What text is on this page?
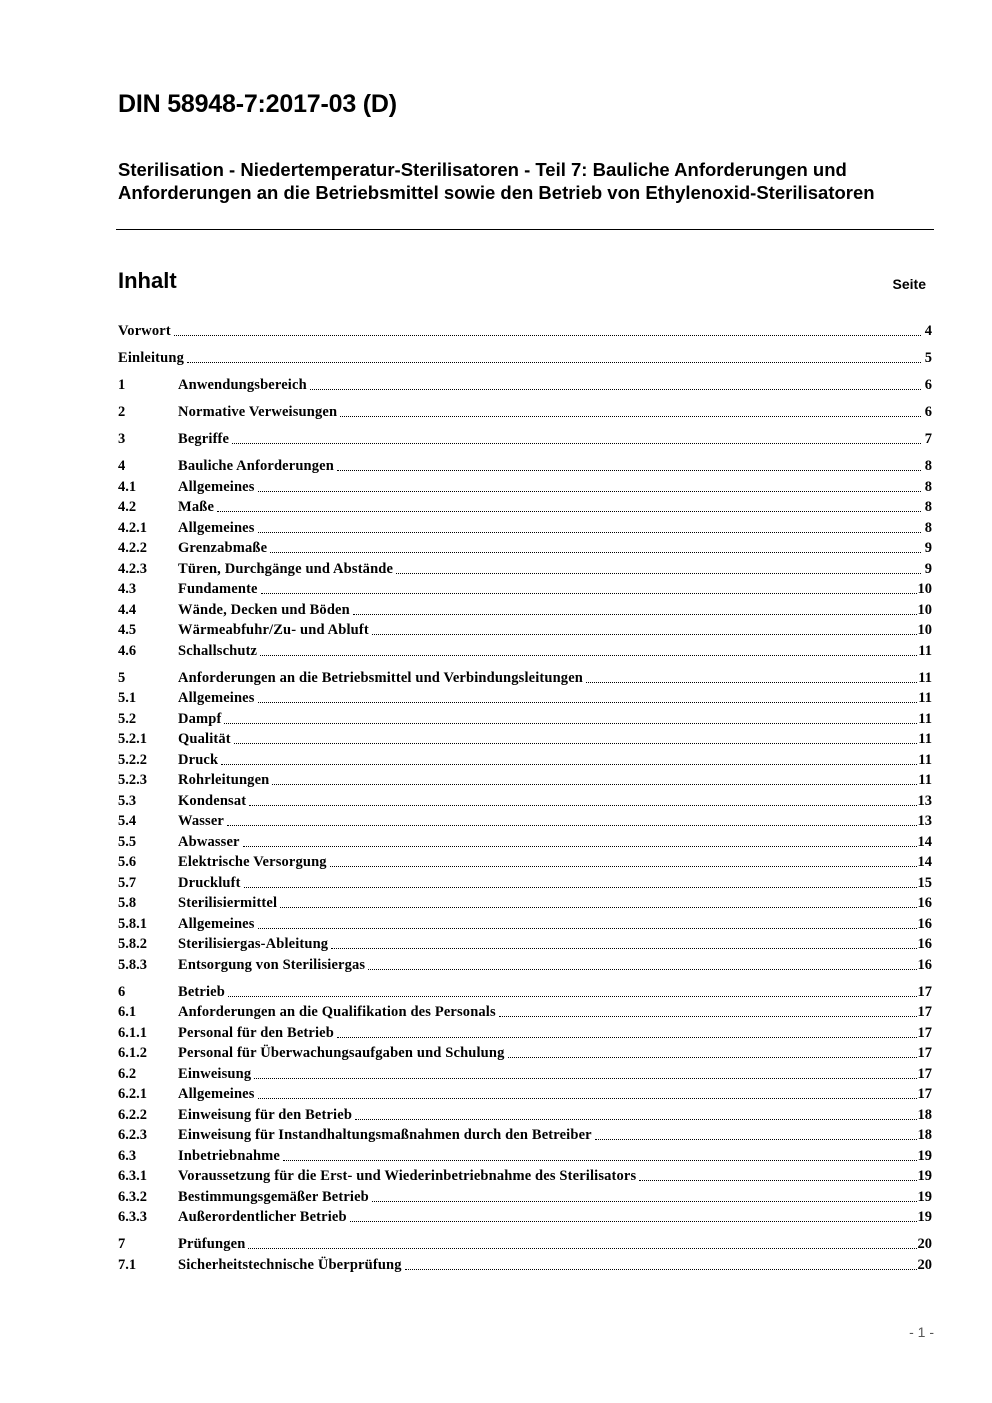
DIN 58948-7:2017-03 (D)

Sterilisation - Niedertemperatur-Sterilisatoren - Teil 7: Bauliche Anforderungen und Anforderungen an die Betriebsmittel sowie den Betrieb von Ethylenoxid-Sterilisatoren

Inhalt	Seite
Vorwort	4
Einleitung	5
1	Anwendungsbereich	6
2	Normative Verweisungen	6
3	Begriffe	7
4	Bauliche Anforderungen	8
4.1	Allgemeines	8
4.2	Maße	8
4.2.1	Allgemeines	8
4.2.2	Grenzabmaße	9
4.2.3	Türen, Durchgänge und Abstände	9
4.3	Fundamente	10
4.4	Wände, Decken und Böden	10
4.5	Wärmeabfuhr/Zu- und Abluft	10
4.6	Schallschutz	11
5	Anforderungen an die Betriebsmittel und Verbindungsleitungen	11
5.1	Allgemeines	11
5.2	Dampf	11
5.2.1	Qualität	11
5.2.2	Druck	11
5.2.3	Rohrleitungen	11
5.3	Kondensat	13
5.4	Wasser	13
5.5	Abwasser	14
5.6	Elektrische Versorgung	14
5.7	Druckluft	15
5.8	Sterilisiermittel	16
5.8.1	Allgemeines	16
5.8.2	Sterilisiergas-Ableitung	16
5.8.3	Entsorgung von Sterilisiergas	16
6	Betrieb	17
6.1	Anforderungen an die Qualifikation des Personals	17
6.1.1	Personal für den Betrieb	17
6.1.2	Personal für Überwachungsaufgaben und Schulung	17
6.2	Einweisung	17
6.2.1	Allgemeines	17
6.2.2	Einweisung für den Betrieb	18
6.2.3	Einweisung für Instandhaltungsmaßnahmen durch den Betreiber	18
6.3	Inbetriebnahme	19
6.3.1	Voraussetzung für die Erst- und Wiederinbetriebnahme des Sterilisators	19
6.3.2	Bestimmungsgemäßer Betrieb	19
6.3.3	Außerordentlicher Betrieb	19
7	Prüfungen	20
7.1	Sicherheitstechnische Überprüfung	20
- 1 -
